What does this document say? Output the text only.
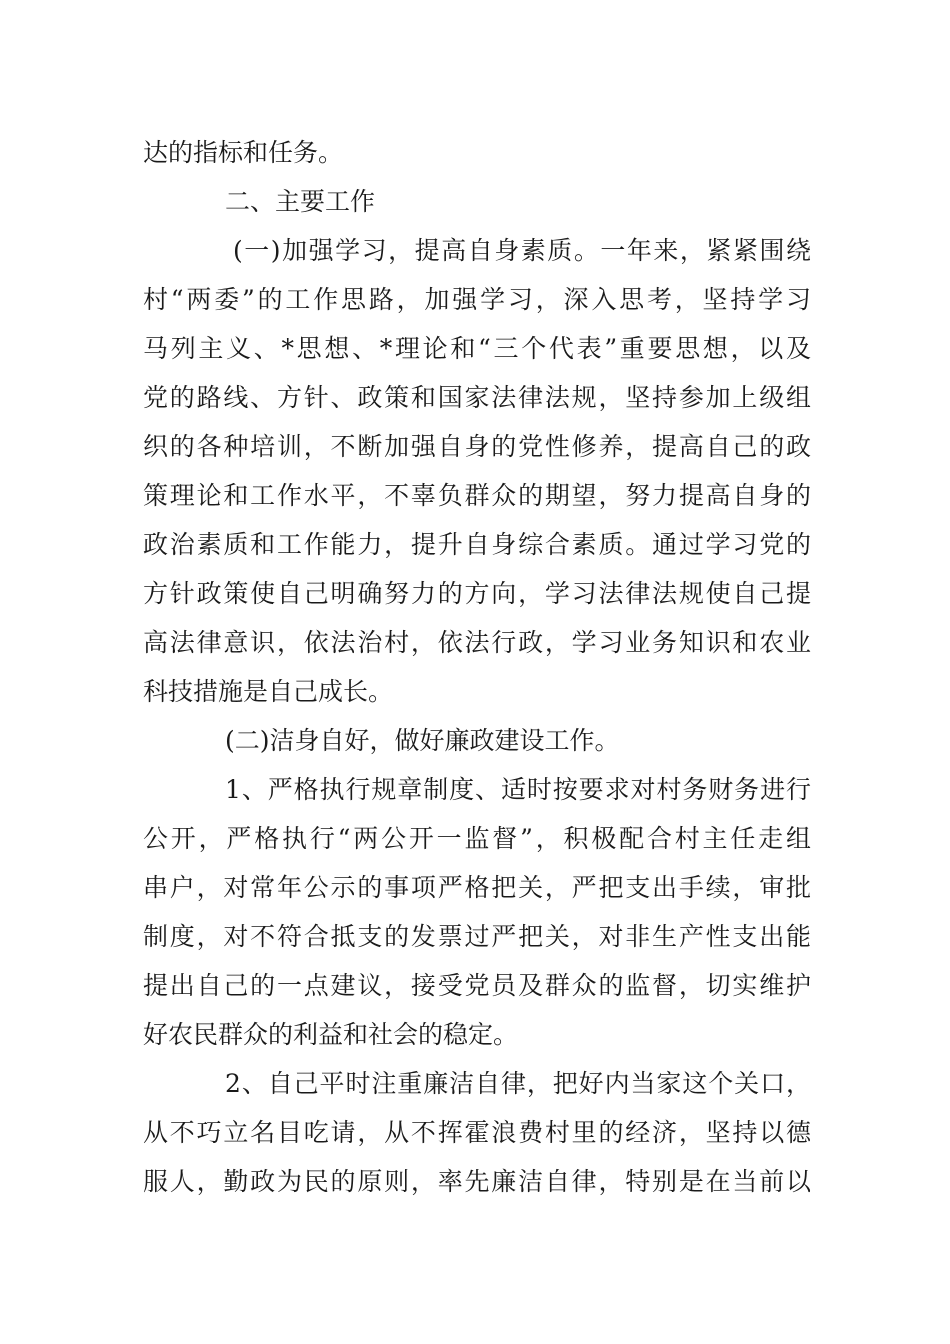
达的指标和任务。
二、主要工作
(一)加强学习，提高自身素质。一年来，紧紧围绕
村“两委”的工作思路，加强学习，深入思考，坚持学习
马列主义、*思想、*理论和“三个代表”重要思想，以及
党的路线、方针、政策和国家法律法规，坚持参加上级组
织的各种培训，不断加强自身的党性修养，提高自己的政
策理论和工作水平，不辜负群众的期望，努力提高自身的
政治素质和工作能力，提升自身综合素质。通过学习党的
方针政策使自己明确努力的方向，学习法律法规使自己提
高法律意识，依法治村，依法行政，学习业务知识和农业
科技措施是自己成长。
(二)洁身自好，做好廉政建设工作。
1、严格执行规章制度、适时按要求对村务财务进行
公开，严格执行“两公开一监督”，积极配合村主任走组
串户，对常年公示的事项严格把关，严把支出手续，审批
制度，对不符合抵支的发票过严把关，对非生产性支出能
提出自己的一点建议，接受党员及群众的监督，切实维护
好农民群众的利益和社会的稳定。
2、自己平时注重廉洁自律，把好内当家这个关口，
从不巧立名目吃请，从不挥霍浪费村里的经济，坚持以德
服人，勤政为民的原则，率先廉洁自律，特别是在当前以
